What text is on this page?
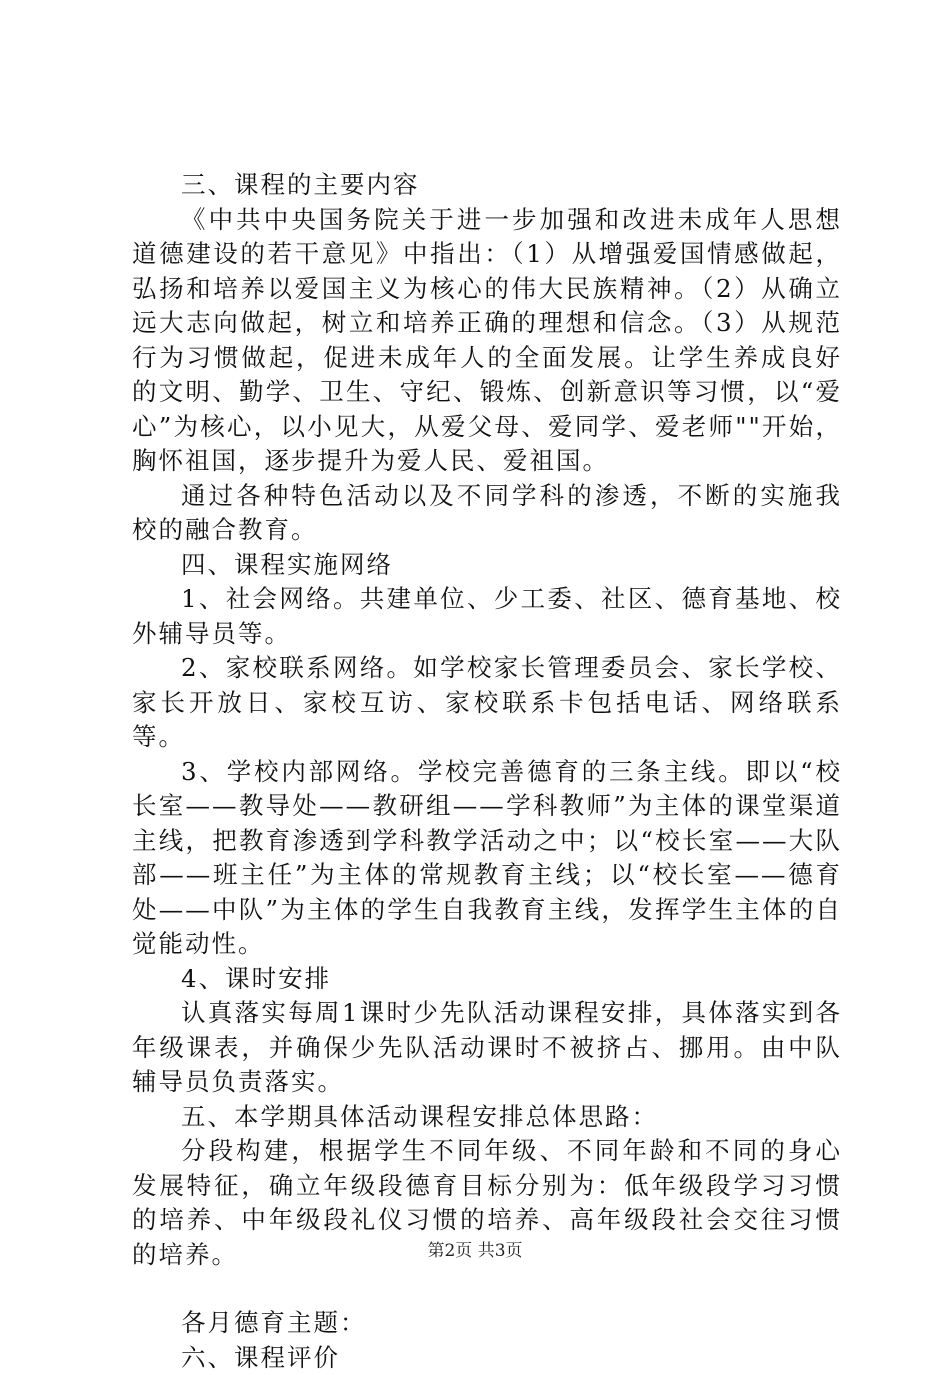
三、课程的主要内容

《中共中央国务院关于进一步加强和改进未成年人思想道德建设的若干意见》中指出：（1）从增强爱国情感做起，弘扬和培养以爱国主义为核心的伟大民族精神。（2）从确立远大志向做起，树立和培养正确的理想和信念。（3）从规范行为习惯做起，促进未成年人的全面发展。让学生养成良好的文明、勤学、卫生、守纪、锻炼、创新意识等习惯，以“爱心”为核心，以小见大，从爱父母、爱同学、爱老师""开始，胸怀祖国，逐步提升为爱人民、爱祖国。

通过各种特色活动以及不同学科的渗透，不断的实施我校的融合教育。

四、课程实施网络

1、社会网络。共建单位、少工委、社区、德育基地、校外辅导员等。

2、家校联系网络。如学校家长管理委员会、家长学校、家长开放日、家校互访、家校联系卡包括电话、网络联系等。

3、学校内部网络。学校完善德育的三条主线。即以“校长室——教导处——教研组——学科教师”为主体的课堂渠道主线，把教育渗透到学科教学活动之中；以“校长室——大队部——班主任”为主体的常规教育主线；以“校长室——德育处——中队”为主体的学生自我教育主线，发挥学生主体的自觉能动性。

4、课时安排

认真落实每周1课时少先队活动课程安排，具体落实到各年级课表，并确保少先队活动课时不被挤占、挪用。由中队辅导员负责落实。

五、本学期具体活动课程安排总体思路：

分段构建，根据学生不同年级、不同年龄和不同的身心发展特征，确立年级段德育目标分别为：低年级段学习习惯的培养、中年级段礼仪习惯的培养、高年级段社会交往习惯的培养。

各月德育主题：

六、课程评价

第2页 共3页
